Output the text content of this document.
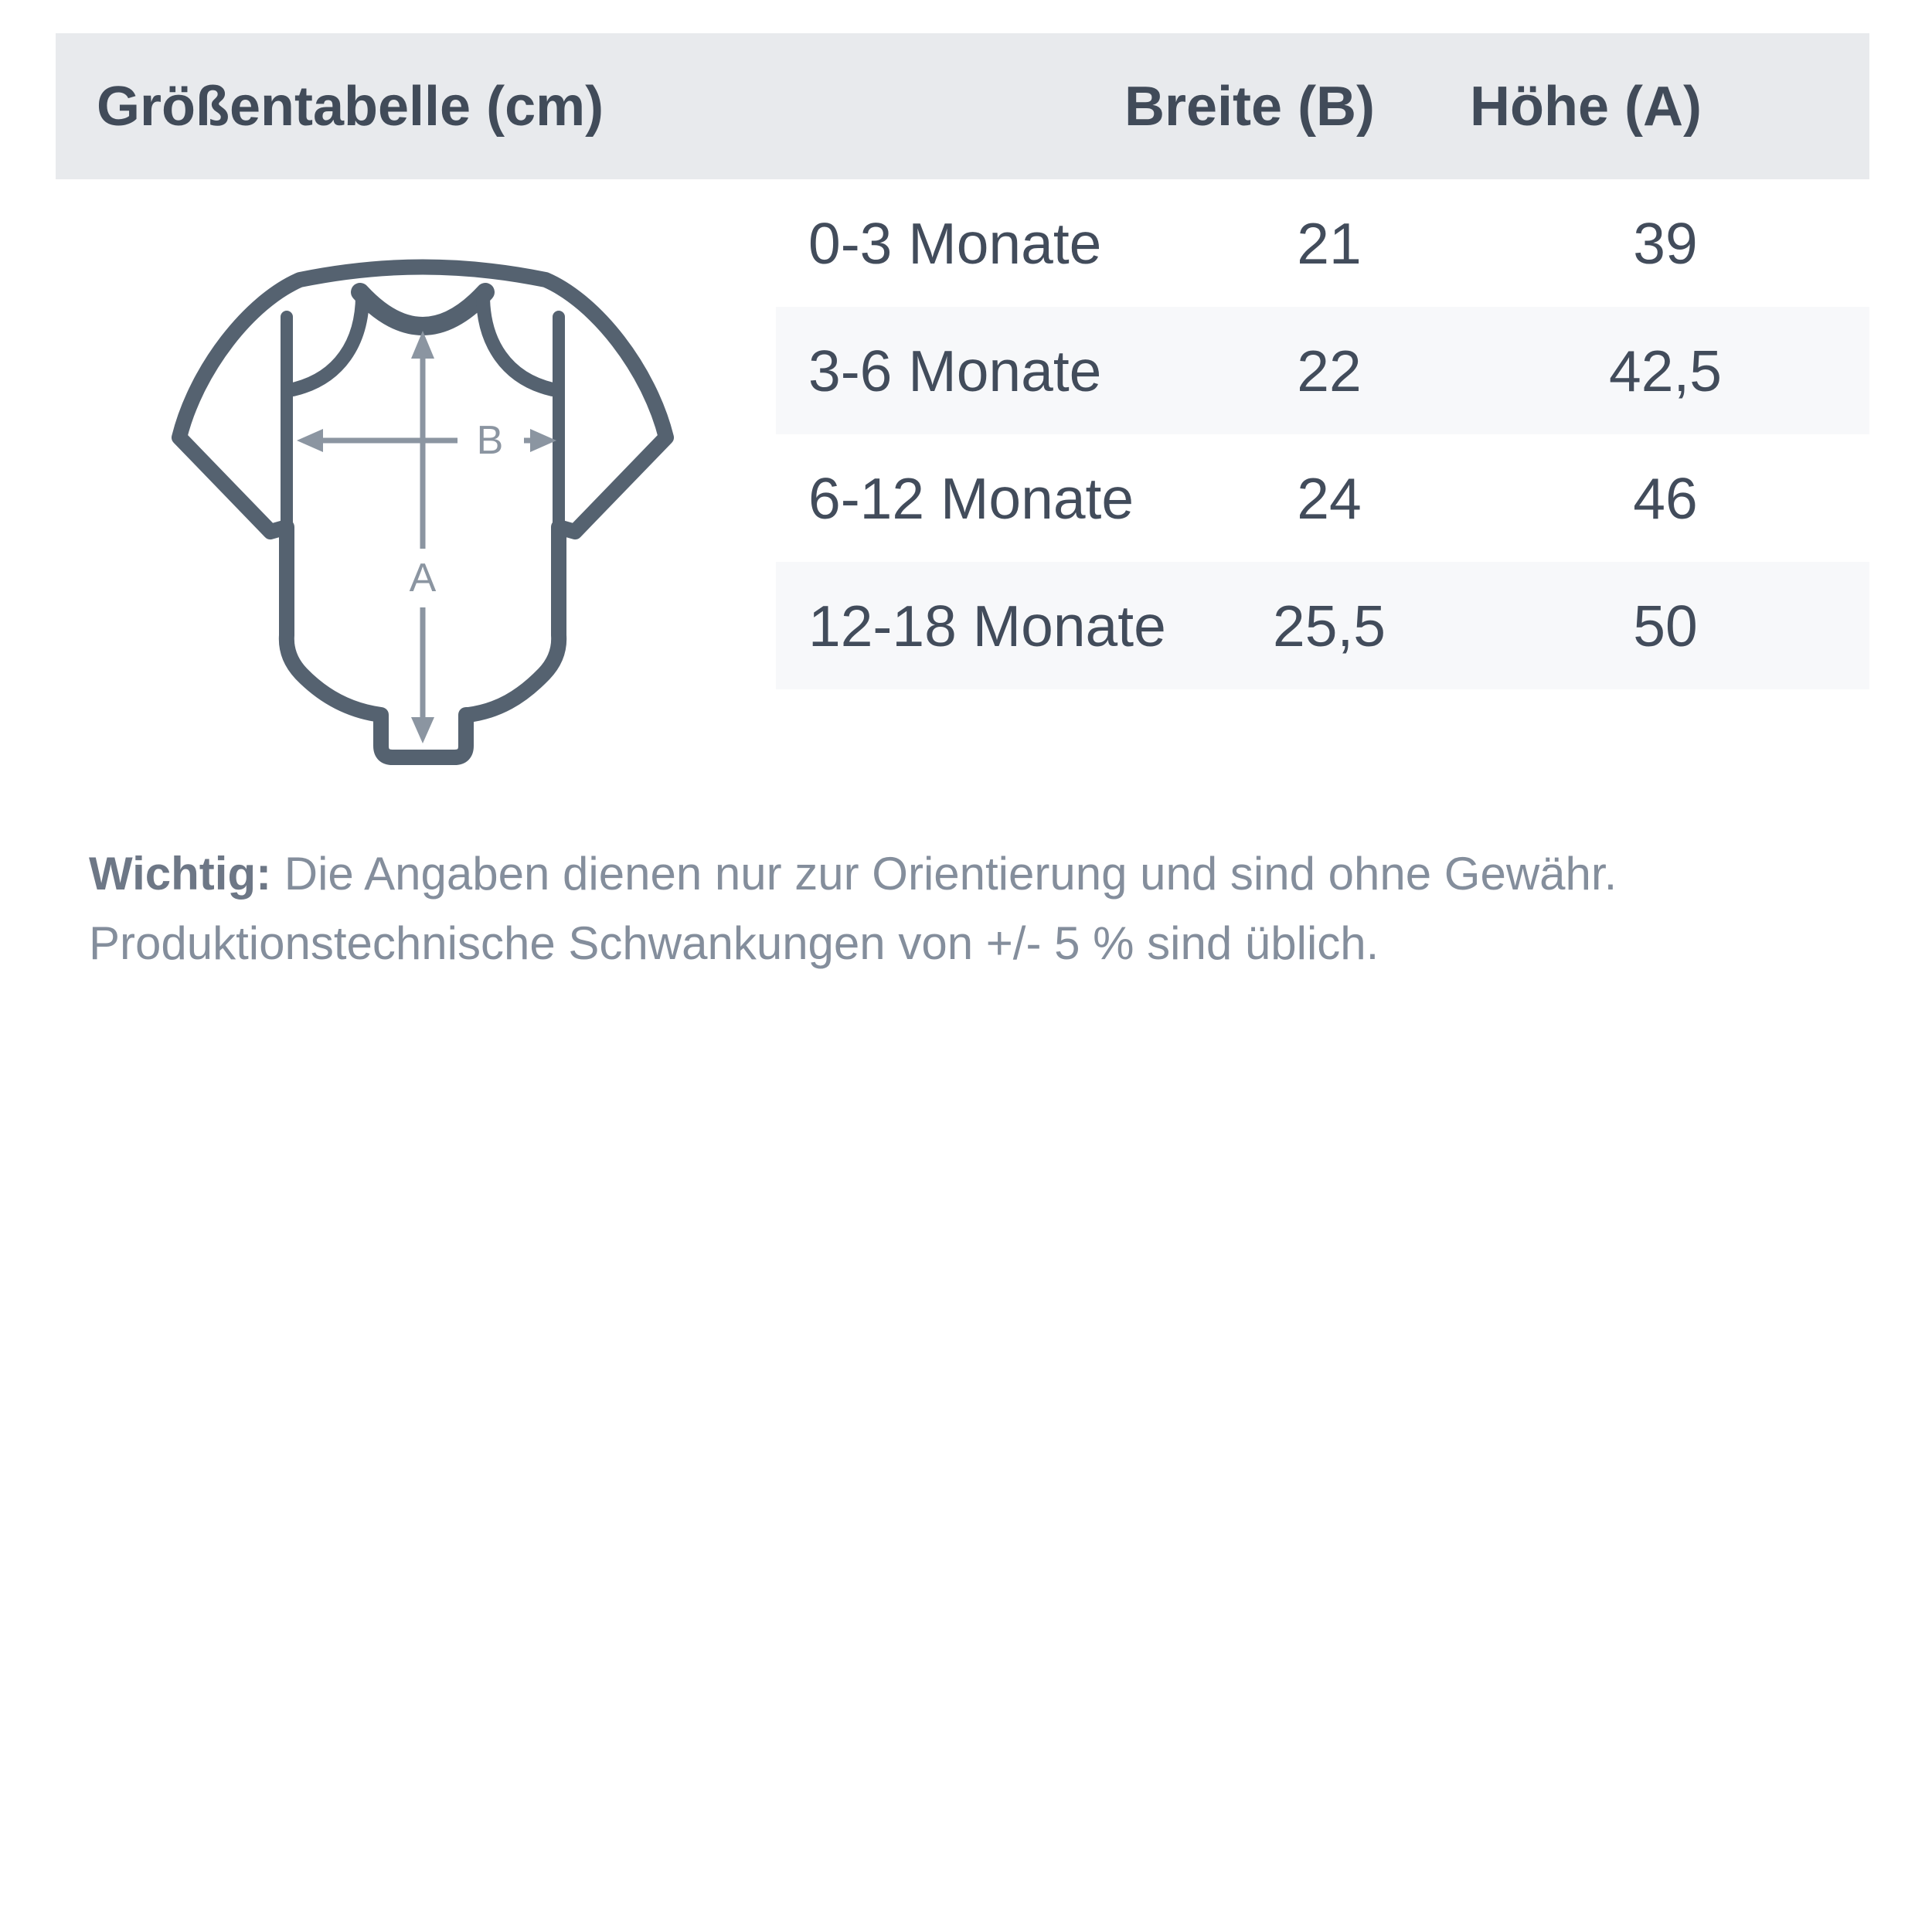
Größentabelle (cm)	Breite (B) Höhe (A)
0-3 Monate	21	39
3-6 Monate	22	42,5
6-12 Monate	24	46
12-18 Monate	25,5	50
A
B
Wichtig: Die Angaben dienen nur zur Orientierung und sind ohne Gewähr.
Produktionstechnische Schwankungen von +/- 5 % sind üblich.
